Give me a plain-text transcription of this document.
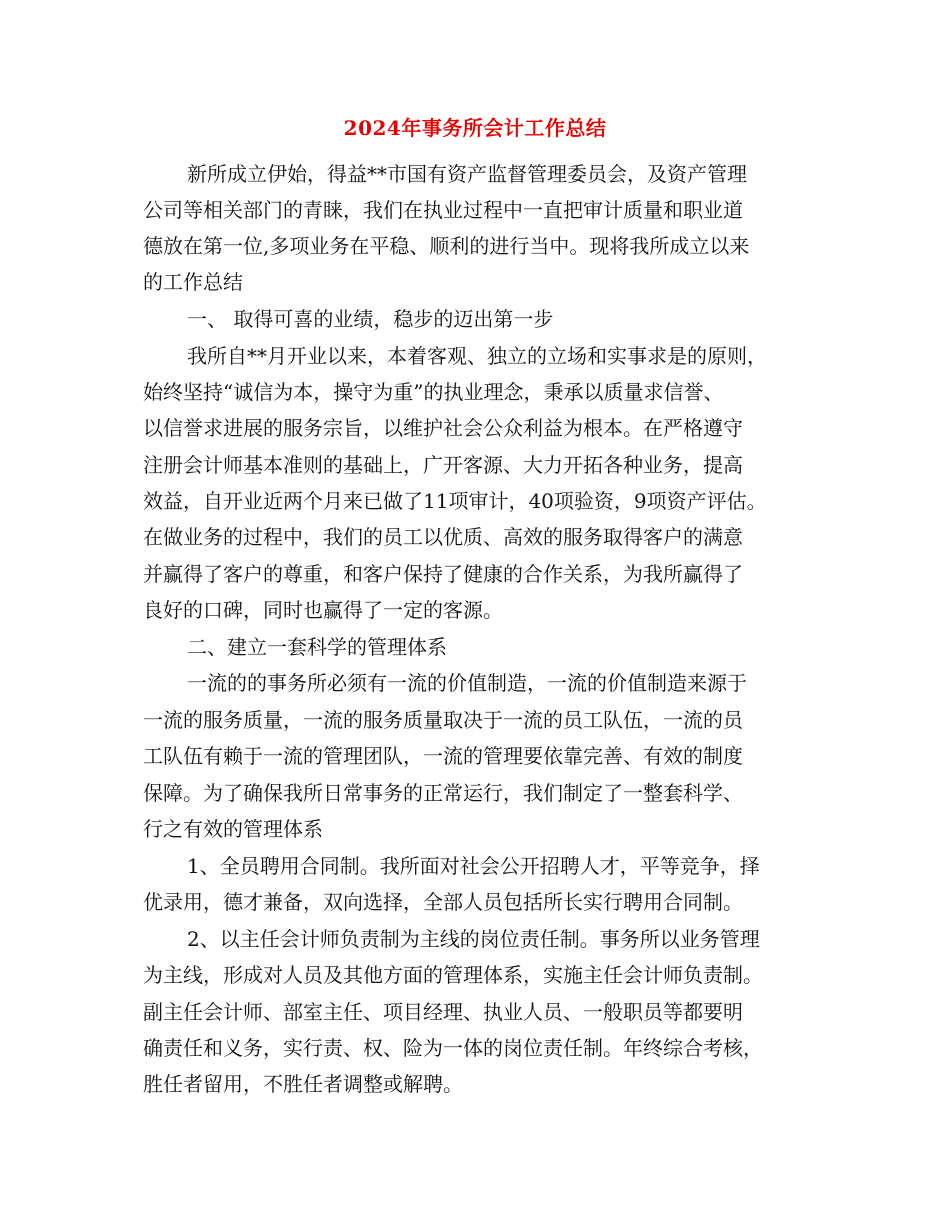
2024年事务所会计工作总结
新所成立伊始，得益**市国有资产监督管理委员会，及资产管理
公司等相关部门的青睐，我们在执业过程中一直把审计质量和职业道
德放在第一位,多项业务在平稳、顺利的进行当中。现将我所成立以来
的工作总结
一、 取得可喜的业绩，稳步的迈出第一步
我所自**月开业以来，本着客观、独立的立场和实事求是的原则，
始终坚持“诚信为本，操守为重”的执业理念，秉承以质量求信誉、
以信誉求进展的服务宗旨，以维护社会公众利益为根本。在严格遵守
注册会计师基本准则的基础上，广开客源、大力开拓各种业务，提高
效益，自开业近两个月来已做了11项审计，40项验资，9项资产评估。
在做业务的过程中，我们的员工以优质、高效的服务取得客户的满意
并赢得了客户的尊重，和客户保持了健康的合作关系，为我所赢得了
良好的口碑，同时也赢得了一定的客源。
二、建立一套科学的管理体系
一流的的事务所必须有一流的价值制造，一流的价值制造来源于
一流的服务质量，一流的服务质量取决于一流的员工队伍，一流的员
工队伍有赖于一流的管理团队，一流的管理要依靠完善、有效的制度
保障。为了确保我所日常事务的正常运行，我们制定了一整套科学、
行之有效的管理体系
1、全员聘用合同制。我所面对社会公开招聘人才，平等竞争，择
优录用，德才兼备，双向选择，全部人员包括所长实行聘用合同制。
2、以主任会计师负责制为主线的岗位责任制。事务所以业务管理
为主线，形成对人员及其他方面的管理体系，实施主任会计师负责制。
副主任会计师、部室主任、项目经理、执业人员、一般职员等都要明
确责任和义务，实行责、权、险为一体的岗位责任制。年终综合考核，
胜任者留用，不胜任者调整或解聘。
